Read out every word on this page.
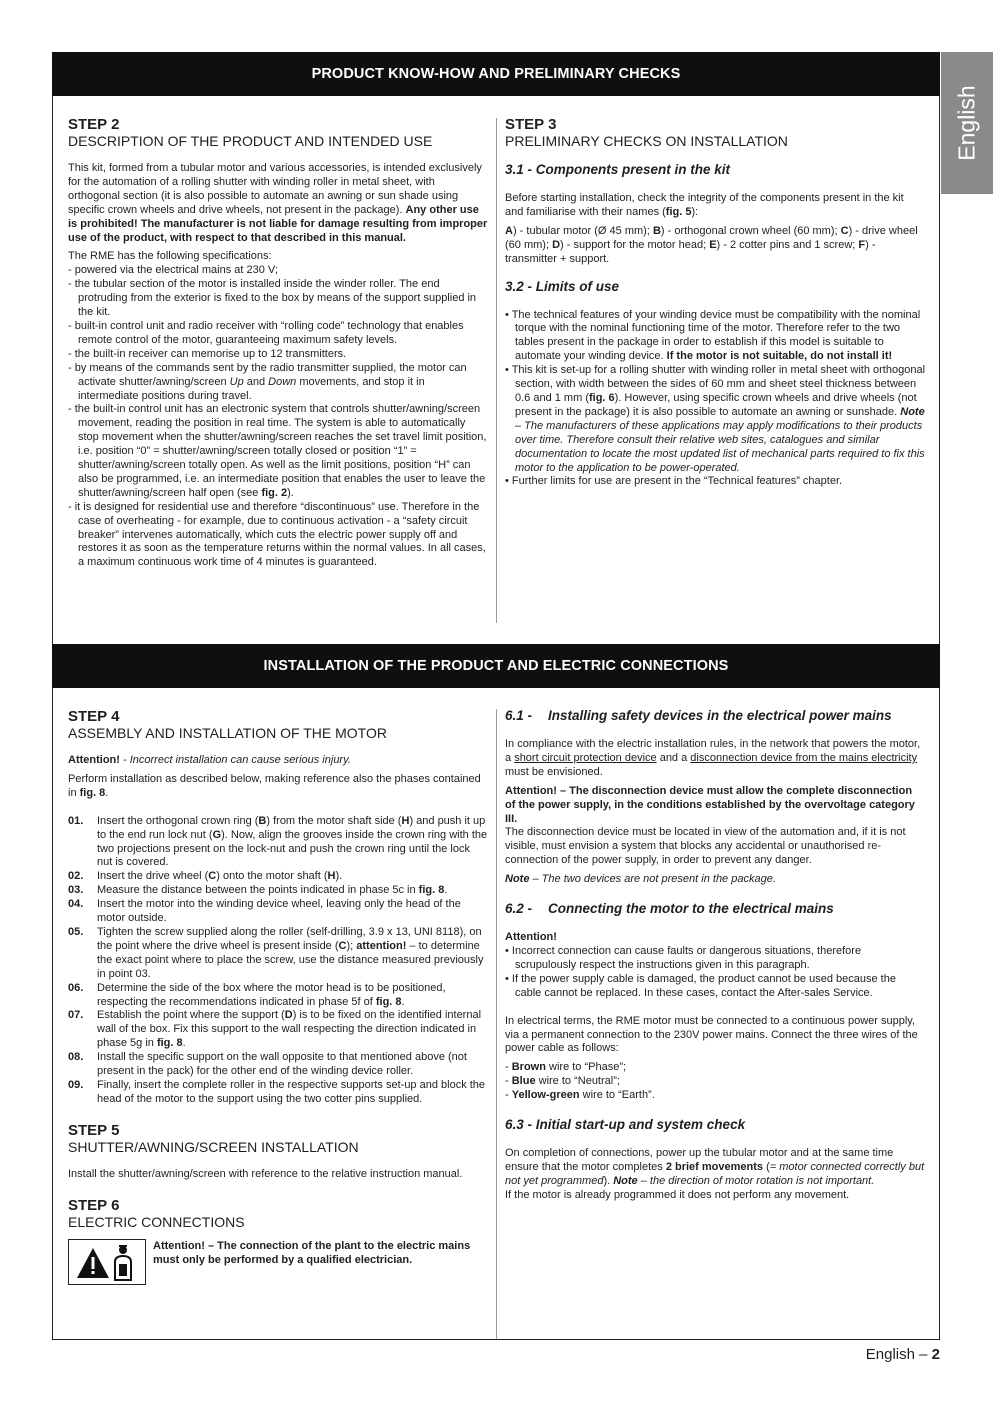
English
PRODUCT KNOW-HOW AND PRELIMINARY CHECKS
STEP 2
DESCRIPTION OF THE PRODUCT AND INTENDED USE

This kit, formed from a tubular motor and various accessories, is intended exclusively for the automation of a rolling shutter with winding roller in metal sheet, with orthogonal section (it is also possible to automate an awning or sun shade using specific crown wheels and drive wheels, not present in the package). Any other use is prohibited! The manufacturer is not liable for damage resulting from improper use of the product, with respect to that described in this manual.

The RME has the following specifications:
- powered via the electrical mains at 230 V;
- the tubular section of the motor is installed inside the winder roller. The end protruding from the exterior is fixed to the box by means of the support supplied in the kit.
- built-in control unit and radio receiver with “rolling code” technology that enables remote control of the motor, guaranteeing maximum safety levels.
- the built-in receiver can memorise up to 12 transmitters.
- by means of the commands sent by the radio transmitter supplied, the motor can activate shutter/awning/screen Up and Down movements, and stop it in intermediate positions during travel.
- the built-in control unit has an electronic system that controls shutter/awning/screen movement, reading the position in real time. The system is able to automatically stop movement when the shutter/awning/screen reaches the set travel limit position, i.e. position “0” = shutter/awning/screen totally closed or position “1” = shutter/awning/screen totally open. As well as the limit positions, position “H” can also be programmed, i.e. an intermediate position that enables the user to leave the shutter/awning/screen half open (see fig. 2).
- it is designed for residential use and therefore “discontinuous” use. Therefore in the case of overheating - for example, due to continuous activation - a “safety circuit breaker” intervenes automatically, which cuts the electric power supply off and restores it as soon as the temperature returns within the normal values. In all cases, a maximum continuous work time of 4 minutes is guaranteed.
STEP 3
PRELIMINARY CHECKS ON INSTALLATION
3.1 - Components present in the kit

Before starting installation, check the integrity of the components present in the kit and familiarise with their names (fig. 5):

A) - tubular motor (Ø 45 mm); B) - orthogonal crown wheel (60 mm); C) - drive wheel (60 mm); D) - support for the motor head; E) - 2 cotter pins and 1 screw; F) - transmitter + support.

3.2 - Limits of use
• The technical features of your winding device must be compatibility with the nominal torque with the nominal functioning time of the motor. Therefore refer to the two tables present in the package in order to establish if this model is suitable to automate your winding device. If the motor is not suitable, do not install it!
• This kit is set-up for a rolling shutter with winding roller in metal sheet with orthogonal section, with width between the sides of 60 mm and sheet steel thickness between 0.6 and 1 mm (fig. 6). However, using specific crown wheels and drive wheels (not present in the package) it is also possible to automate an awning or sunshade. Note – The manufacturers of these applications may apply modifications to their products over time. Therefore consult their relative web sites, catalogues and similar documentation to locate the most updated list of mechanical parts required to fix this motor to the application to be power-operated.
• Further limits for use are present in the “Technical features” chapter.
INSTALLATION OF THE PRODUCT AND ELECTRIC CONNECTIONS
STEP 4
ASSEMBLY AND INSTALLATION OF THE MOTOR

Attention! - Incorrect installation can cause serious injury.

Perform installation as described below, making reference also the phases contained in fig. 8.

01.	Insert the orthogonal crown ring (B) from the motor shaft side (H) and push it up to the end run lock nut (G). Now, align the grooves inside the crown ring with the two projections present on the lock-nut and push the crown ring until the lock nut is covered.
02.	Insert the drive wheel (C) onto the motor shaft (H).
03.	Measure the distance between the points indicated in phase 5c in fig. 8.
04.	Insert the motor into the winding device wheel, leaving only the head of the motor outside.
05.	Tighten the screw supplied along the roller (self-drilling, 3.9 x 13, UNI 8118), on the point where the drive wheel is present inside (C); attention! – to determine the exact point where to place the screw, use the distance measured previously in point 03.
06.	Determine the side of the box where the motor head is to be positioned, respecting the recommendations indicated in phase 5f of fig. 8.
07.	Establish the point where the support (D) is to be fixed on the identified internal wall of the box. Fix this support to the wall respecting the direction indicated in phase 5g in fig. 8.
08.	Install the specific support on the wall opposite to that mentioned above (not present in the pack) for the other end of the winding device roller.
09.	Finally, insert the complete roller in the respective supports set-up and block the head of the motor to the support using the two cotter pins supplied.
STEP 5
SHUTTER/AWNING/SCREEN INSTALLATION

Install the shutter/awning/screen with reference to the relative instruction manual.

STEP 6
ELECTRIC CONNECTIONS
Attention! – The connection of the plant to the electric mains must only be performed by a qualified electrician.
6.1 -	Installing safety devices in the electrical power mains

In compliance with the electric installation rules, in the network that powers the motor, a short circuit protection device and a disconnection device from the mains electricity must be envisioned.

Attention! – The disconnection device must allow the complete disconnection of the power supply, in the conditions established by the overvoltage category III.

The disconnection device must be located in view of the automation and, if it is not visible, must envision a system that blocks any accidental or unauthorised re-connection of the power supply, in order to prevent any danger.

Note – The two devices are not present in the package.

6.2 -	Connecting the motor to the electrical mains
Attention!
• Incorrect connection can cause faults or dangerous situations, therefore scrupulously respect the instructions given in this paragraph.
• If the power supply cable is damaged, the product cannot be used because the cable cannot be replaced. In these cases, contact the After-sales Service.

In electrical terms, the RME motor must be connected to a continuous power supply, via a permanent connection to the 230V power mains. Connect the three wires of the power cable as follows:

- Brown wire to “Phase”;
- Blue wire to “Neutral”;
- Yellow-green wire to “Earth”.
6.3 - Initial start-up and system check
On completion of connections, power up the tubular motor and at the same time ensure that the motor completes 2 brief movements (= motor connected correctly but not yet programmed). Note – the direction of motor rotation is not important.
If the motor is already programmed it does not perform any movement.
English – 2
